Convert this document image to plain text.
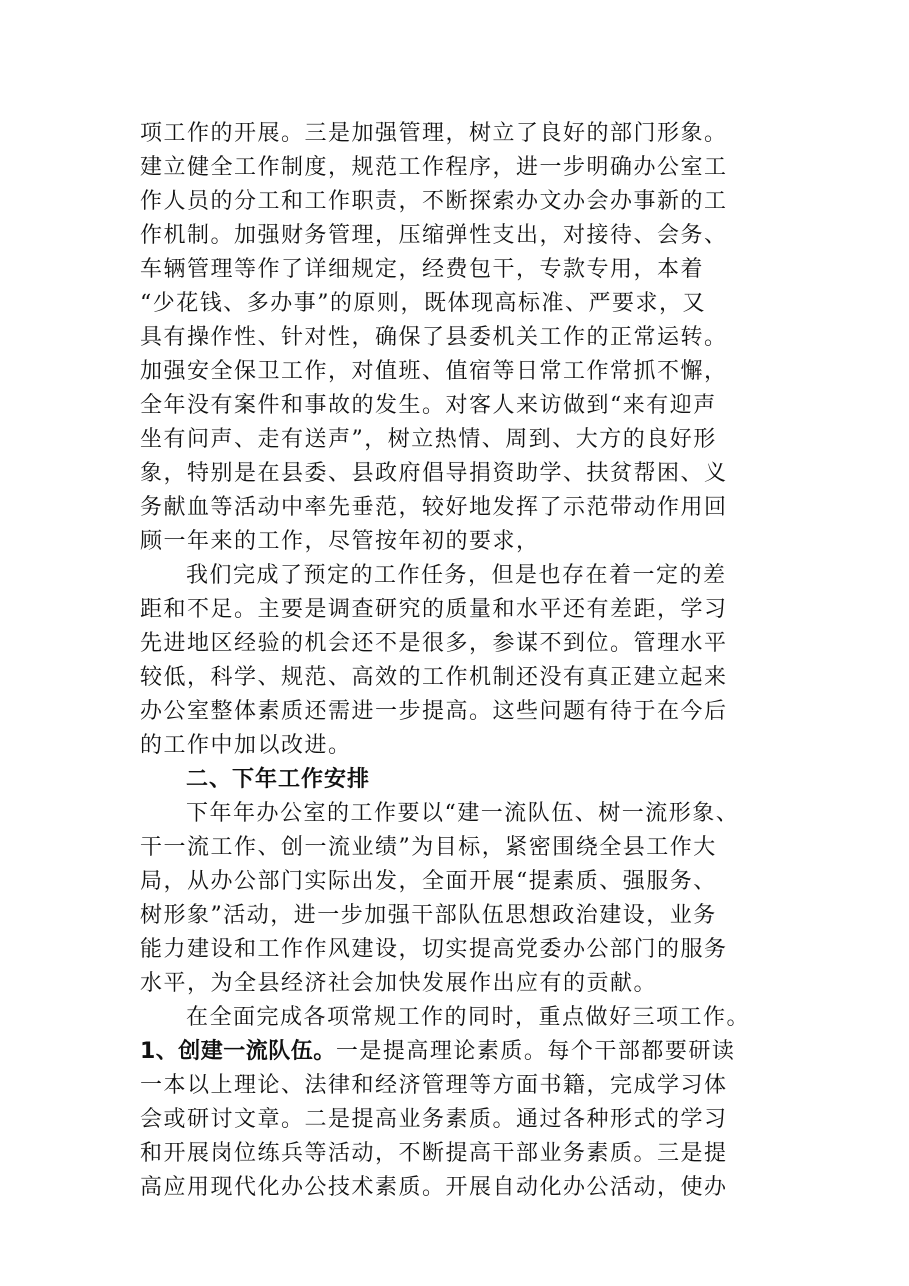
项工作的开展。三是加强管理，树立了良好的部门形象。
建立健全工作制度，规范工作程序，进一步明确办公室工
作人员的分工和工作职责，不断探索办文办会办事新的工
作机制。加强财务管理，压缩弹性支出，对接待、会务、
车辆管理等作了详细规定，经费包干，专款专用，本着
“少花钱、多办事”的原则，既体现高标准、严要求，又
具有操作性、针对性，确保了县委机关工作的正常运转。
加强安全保卫工作，对值班、值宿等日常工作常抓不懈，
全年没有案件和事故的发生。对客人来访做到“来有迎声
坐有问声、走有送声”，树立热情、周到、大方的良好形
象，特别是在县委、县政府倡导捐资助学、扶贫帮困、义
务献血等活动中率先垂范，较好地发挥了示范带动作用回
顾一年来的工作，尽管按年初的要求，
我们完成了预定的工作任务，但是也存在着一定的差
距和不足。主要是调查研究的质量和水平还有差距，学习
先进地区经验的机会还不是很多，参谋不到位。管理水平
较低，科学、规范、高效的工作机制还没有真正建立起来
办公室整体素质还需进一步提高。这些问题有待于在今后
的工作中加以改进。
二、下年工作安排
下年年办公室的工作要以“建一流队伍、树一流形象、
干一流工作、创一流业绩”为目标，紧密围绕全县工作大
局，从办公部门实际出发，全面开展“提素质、强服务、
树形象”活动，进一步加强干部队伍思想政治建设，业务
能力建设和工作作风建设，切实提高党委办公部门的服务
水平，为全县经济社会加快发展作出应有的贡献。
在全面完成各项常规工作的同时，重点做好三项工作。
1、创建一流队伍。一是提高理论素质。每个干部都要研读
一本以上理论、法律和经济管理等方面书籍，完成学习体
会或研讨文章。二是提高业务素质。通过各种形式的学习
和开展岗位练兵等活动，不断提高干部业务素质。三是提
高应用现代化办公技术素质。开展自动化办公活动，使办
